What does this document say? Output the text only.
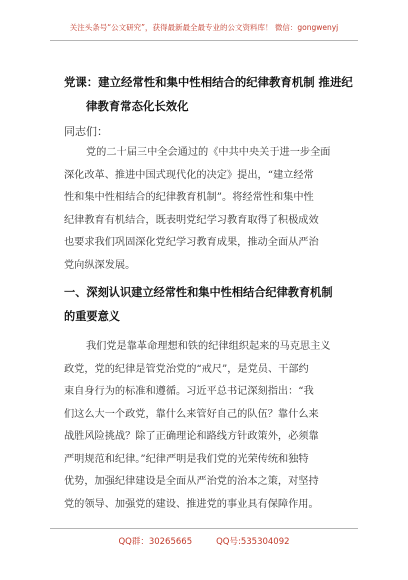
关注头条号“公文研究”，获得最新最全最专业的公文资料库！ 微信：gongwenyj
党课：建立经常性和集中性相结合的纪律教育机制 推进纪
律教育常态化长效化
同志们：
党的二十届三中全会通过的《中共中央关于进一步全面
深化改革、推进中国式现代化的决定》提出，“建立经常
性和集中性相结合的纪律教育机制”。将经常性和集中性
纪律教育有机结合，既表明党纪学习教育取得了积极成效
也要求我们巩固深化党纪学习教育成果，推动全面从严治
党向纵深发展。
一、深刻认识建立经常性和集中性相结合纪律教育机制
的重要意义
我们党是靠革命理想和铁的纪律组织起来的马克思主义
政党，党的纪律是管党治党的“戒尺”，是党员、干部约
束自身行为的标准和遵循。习近平总书记深刻指出：“我
们这么大一个政党，靠什么来管好自己的队伍？靠什么来
战胜风险挑战？除了正确理论和路线方针政策外，必须靠
严明规范和纪律。”纪律严明是我们党的光荣传统和独特
优势，加强纪律建设是全面从严治党的治本之策，对坚持
党的领导、加强党的建设、推进党的事业具有保障作用。
QQ群：30265665	QQ号:535304092
